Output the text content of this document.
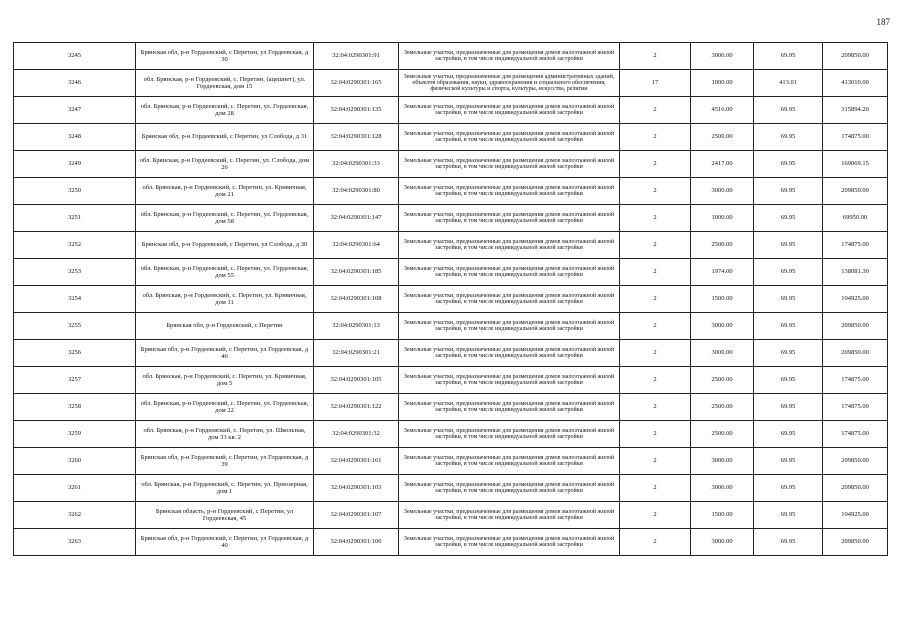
187
3245	Брянская обл, р-н Гордеевский, с Перетин, ул Гордеевская, д 30	32:04:0290301:91	Земельные участки, предназначенные для размещения домов малоэтажной жилой застройки, в том числе индивидуальной жилой застройки	2	3000.00	69.95	209850.00
3246	обл. Брянская, р-н Гордеевский, с. Перетин, (ацешнет), ул. Гордеевская, дом 15	32:04:0290301:165	Земельные участки, предназначенные для размещения административных зданий, объектов образования, науки, здравоохранения и социального обеспечения, физической культуры и спорта, культуры, искусства, религии	17	1000.00	413.01	413010.00
3247	обл. Брянская, р-н Гордеевский, с. Перетин, ул. Гордеевская, дом 28	32:04:0290301:135	Земельные участки, предназначенные для размещения домов малоэтажной жилой застройки, в том числе индивидуальной жилой застройки	2	4516.00	69.95	315894.20
3248	Брянская обл, р-н Гордеевский, с Перетин, ул Слобода, д 31	32:04:0290301:128	Земельные участки, предназначенные для размещения домов малоэтажной жилой застройки, в том числе индивидуальной жилой застройки	2	2500.00	69.95	174875.00
3249	обл. Брянская, р-н Гордеевский, с. Перетин, ул. Слобода, дом 26	32:04:0290301:33	Земельные участки, предназначенные для размещения домов малоэтажной жилой застройки, в том числе индивидуальной жилой застройки	2	2417.00	69.95	169069.15
3250	обл. Брянская, р-н Гордеевский, с. Перетин, ул. Кривичная, дом 21	32:04:0290301:80	Земельные участки, предназначенные для размещения домов малоэтажной жилой застройки, в том числе индивидуальной жилой застройки	2	3000.00	69.95	209850.00
3251	обл. Брянская, р-н Гордеевский, с. Перетин, ул. Гордеевская, дом 58	32:04:0290301:147	Земельные участки, предназначенные для размещения домов малоэтажной жилой застройки, в том числе индивидуальной жилой застройки	2	1000.00	69.95	69950.00
3252	Брянская обл, р-н Гордеевский, с Перетин, ул Слобода, д 30	32:04:0290301:64	Земельные участки, предназначенные для размещения домов малоэтажной жилой застройки, в том числе индивидуальной жилой застройки	2	2500.00	69.95	174875.00
3253	обл. Брянская, р-н Гордеевский, с. Перетин, ул. Гордеевская, дом 55	32:04:0290301:185	Земельные участки, предназначенные для размещения домов малоэтажной жилой застройки, в том числе индивидуальной жилой застройки	2	1974.00	69.95	138081.30
3254	обл. Брянская, р-н Гордеевский, с. Перетин, ул. Кривичная, дом 11	32:04:0290301:108	Земельные участки, предназначенные для размещения домов малоэтажной жилой застройки, в том числе индивидуальной жилой застройки	2	1500.00	69.95	104925.00
3255	Брянская обл, р-н Гордеевский, с Перетин	32:04:0290301:13	Земельные участки, предназначенные для размещения домов малоэтажной жилой застройки, в том числе индивидуальной жилой застройки	2	3000.00	69.95	209850.00
3256	Брянская обл, р-н Гордеевский, с Перетин, ул Гордеевская, д 46	32:04:0290301:21	Земельные участки, предназначенные для размещения домов малоэтажной жилой застройки, в том числе индивидуальной жилой застройки	2	3000.00	69.95	209850.00
3257	обл. Брянская, р-н Гордеевский, с. Перетин, ул. Кривичная, дом 5	32:04:0290301:105	Земельные участки, предназначенные для размещения домов малоэтажной жилой застройки, в том числе индивидуальной жилой застройки	2	2500.00	69.95	174875.00
3258	обл. Брянская, р-н Гордеевский, с. Перетин, ул. Гордеевская, дом 22	32:04:0290301:122	Земельные участки, предназначенные для размещения домов малоэтажной жилой застройки, в том числе индивидуальной жилой застройки	2	2500.00	69.95	174875.00
3259	обл. Брянская, р-н Гордеевский, с. Перетин, ул. Школьная, дом 33 кв. 2	32:04:0290301:32	Земельные участки, предназначенные для размещения домов малоэтажной жилой застройки, в том числе индивидуальной жилой застройки	2	2500.00	69.95	174875.00
3260	Брянская обл, р-н Гордеевский, с Перетин, ул Гордеевская, д 39	32:04:0290301:161	Земельные участки, предназначенные для размещения домов малоэтажной жилой застройки, в том числе индивидуальной жилой застройки	2	3000.00	69.95	209850.00
3261	обл. Брянская, р-н Гордеевский, с. Перетин, ул. Приозерная, дом 1	32:04:0290301:103	Земельные участки, предназначенные для размещения домов малоэтажной жилой застройки, в том числе индивидуальной жилой застройки	2	3000.00	69.95	209850.00
3262	Брянская область, р-н Гордеевский, с Перетин, ул Гордеевская, 45	32:04:0290301:107	Земельные участки, предназначенные для размещения домов малоэтажной жилой застройки, в том числе индивидуальной жилой застройки	2	1500.00	69.95	104925.00
3263	Брянская обл, р-н Гордеевский, с Перетин, ул Гордеевская, д 40	32:04:0290301:106	Земельные участки, предназначенные для размещения домов малоэтажной жилой застройки, в том числе индивидуальной жилой застройки	2	3000.00	69.95	209850.00
